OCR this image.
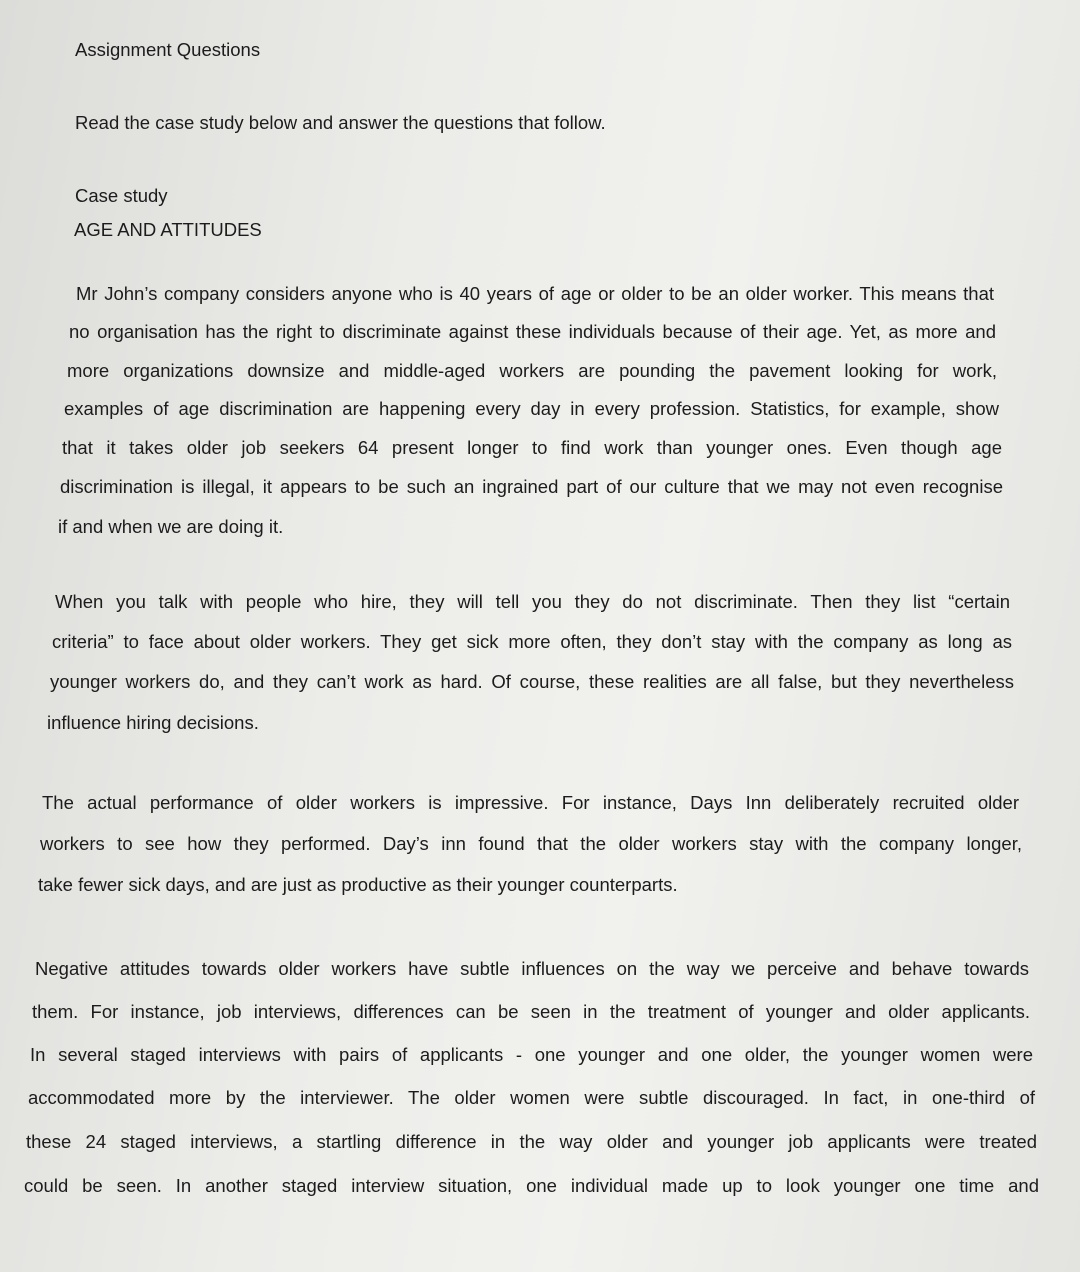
Assignment Questions
Read the case study below and answer the questions that follow.
Case study
AGE AND ATTITUDES
Mr John’s company considers anyone who is 40 years of age or older to be an older worker. This means that
no organisation has the right to discriminate against these individuals because of their age. Yet, as more and
more organizations downsize and middle-aged workers are pounding the pavement looking for work,
examples of age discrimination are happening every day in every profession. Statistics, for example, show
that it takes older job seekers 64 present longer to find work than younger ones. Even though age
discrimination is illegal, it appears to be such an ingrained part of our culture that we may not even recognise
if and when we are doing it.
When you talk with people who hire, they will tell you they do not discriminate. Then they list “certain
criteria” to face about older workers. They get sick more often, they don’t stay with the company as long as
younger workers do, and they can’t work as hard. Of course, these realities are all false, but they nevertheless
influence hiring decisions.
The actual performance of older workers is impressive. For instance, Days Inn deliberately recruited older
workers to see how they performed. Day’s inn found that the older workers stay with the company longer,
take fewer sick days, and are just as productive as their younger counterparts.
Negative attitudes towards older workers have subtle influences on the way we perceive and behave towards
them. For instance, job interviews, differences can be seen in the treatment of younger and older applicants.
In several staged interviews with pairs of applicants - one younger and one older, the younger women were
accommodated more by the interviewer. The older women were subtle discouraged. In fact, in one-third of
these 24 staged interviews, a startling difference in the way older and younger job applicants were treated
could be seen. In another staged interview situation, one individual made up to look younger one time and
